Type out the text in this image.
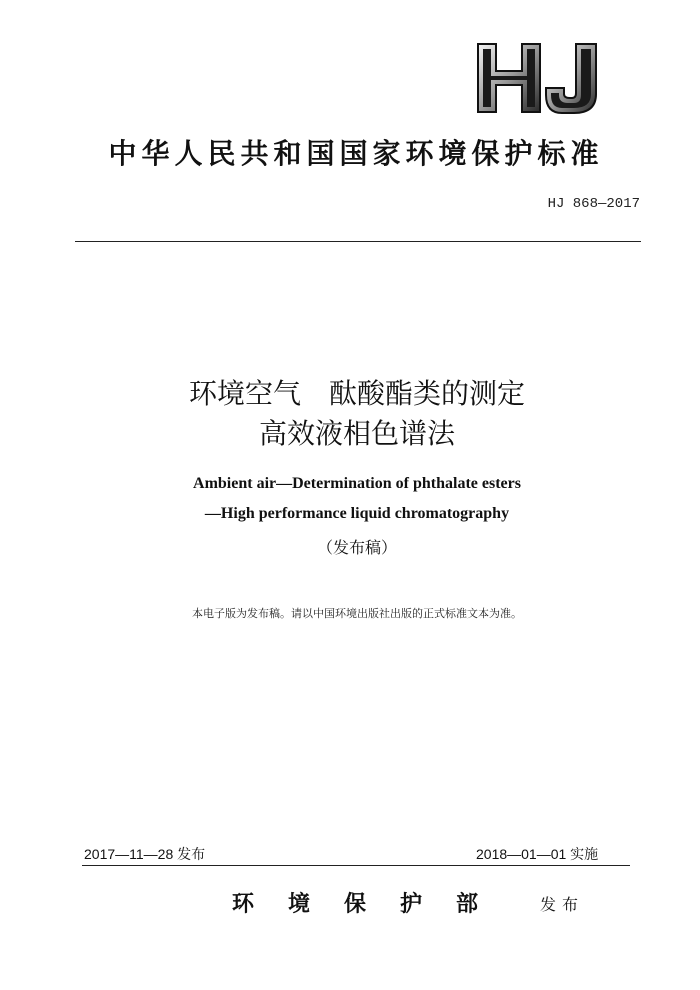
中华人民共和国国家环境保护标准
HJ 868—2017
环境空气　酞酸酯类的测定
高效液相色谱法
Ambient air—Determination of phthalate esters
—High performance liquid chromatography
（发布稿）
本电子版为发布稿。请以中国环境出版社出版的正式标准文本为准。
2017—11—28 发布	2018—01—01 实施
环境保护部 发布
